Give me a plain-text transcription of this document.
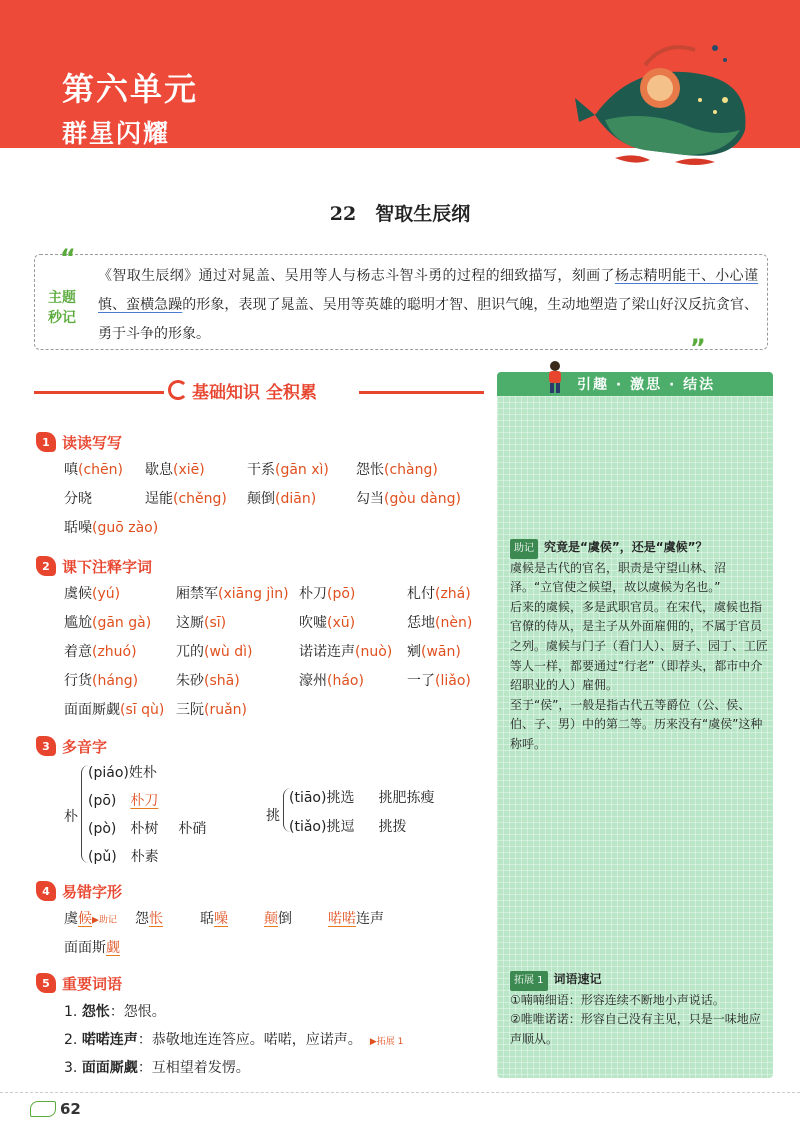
第六单元
群星闪耀
22　智取生辰纲
“
”
主题秒记
《智取生辰纲》通过对晁盖、吴用等人与杨志斗智斗勇的过程的细致描写，刻画了杨志精明能干、小心谨慎、蛮横急躁的形象，表现了晁盖、吴用等英雄的聪明才智、胆识气魄，生动地塑造了梁山好汉反抗贪官、勇于斗争的形象。
基础知识 全积累
1 读读写写
嗔(chēn) 歇息(xiē)	干系(gān xì) 怨怅(chàng)
分晓	逞能(chěng) 颠倒(diān)	勾当(gòu dàng)
聒噪(guō zào)
2 课下注释字词
虞候(yú)	厢禁军(xiāng jìn) 朴刀(pō)	札付(zhá)
尴尬(gān gà) 这厮(sī)	吹嘘(xū)	恁地(nèn)
着意(zhuó)	兀的(wù dì)	诺诺连声(nuò) 剜(wān)
行货(háng)	朱砂(shā)	濠州(háo)	一了(liǎo)
面面厮觑(sī qù) 三阮(ruǎn)
3 多音字
朴
(piáo)姓朴
(pō) 朴刀
(pò) 朴树 朴硝
(pǔ) 朴素
挑
(tiāo)挑选 挑肥拣瘦
(tiǎo)挑逗 挑拨
4 易错字形
虞候▶助记 怨怅	聒噪	颠倒	喏喏连声
面面斯觑
5 重要词语
1. 怨怅：怨恨。
2. 喏喏连声：恭敬地连连答应。喏喏，应诺声。 ▶拓展 1
3. 面面厮觑：互相望着发愣。
引趣 · 激思 · 结法
助记 究竟是“虞侯”，还是“虞候”？
虞候是古代的官名，职责是守望山林、沼泽。“立官使之候望，故以虞候为名也。”
后来的虞候，多是武职官员。在宋代，虞候也指官僚的侍从，是主子从外面雇佣的，不属于官员之列。虞候与门子（看门人）、厨子、园丁、工匠等人一样，都要通过“行老”（即荐头，都市中介绍职业的人）雇佣。
至于“侯”，一般是指古代五等爵位（公、侯、伯、子、男）中的第二等。历来没有“虞侯”这种称呼。
拓展 1 词语速记
①喃喃细语：形容连续不断地小声说话。
②唯唯诺诺：形容自己没有主见，只是一味地应声顺从。
62
